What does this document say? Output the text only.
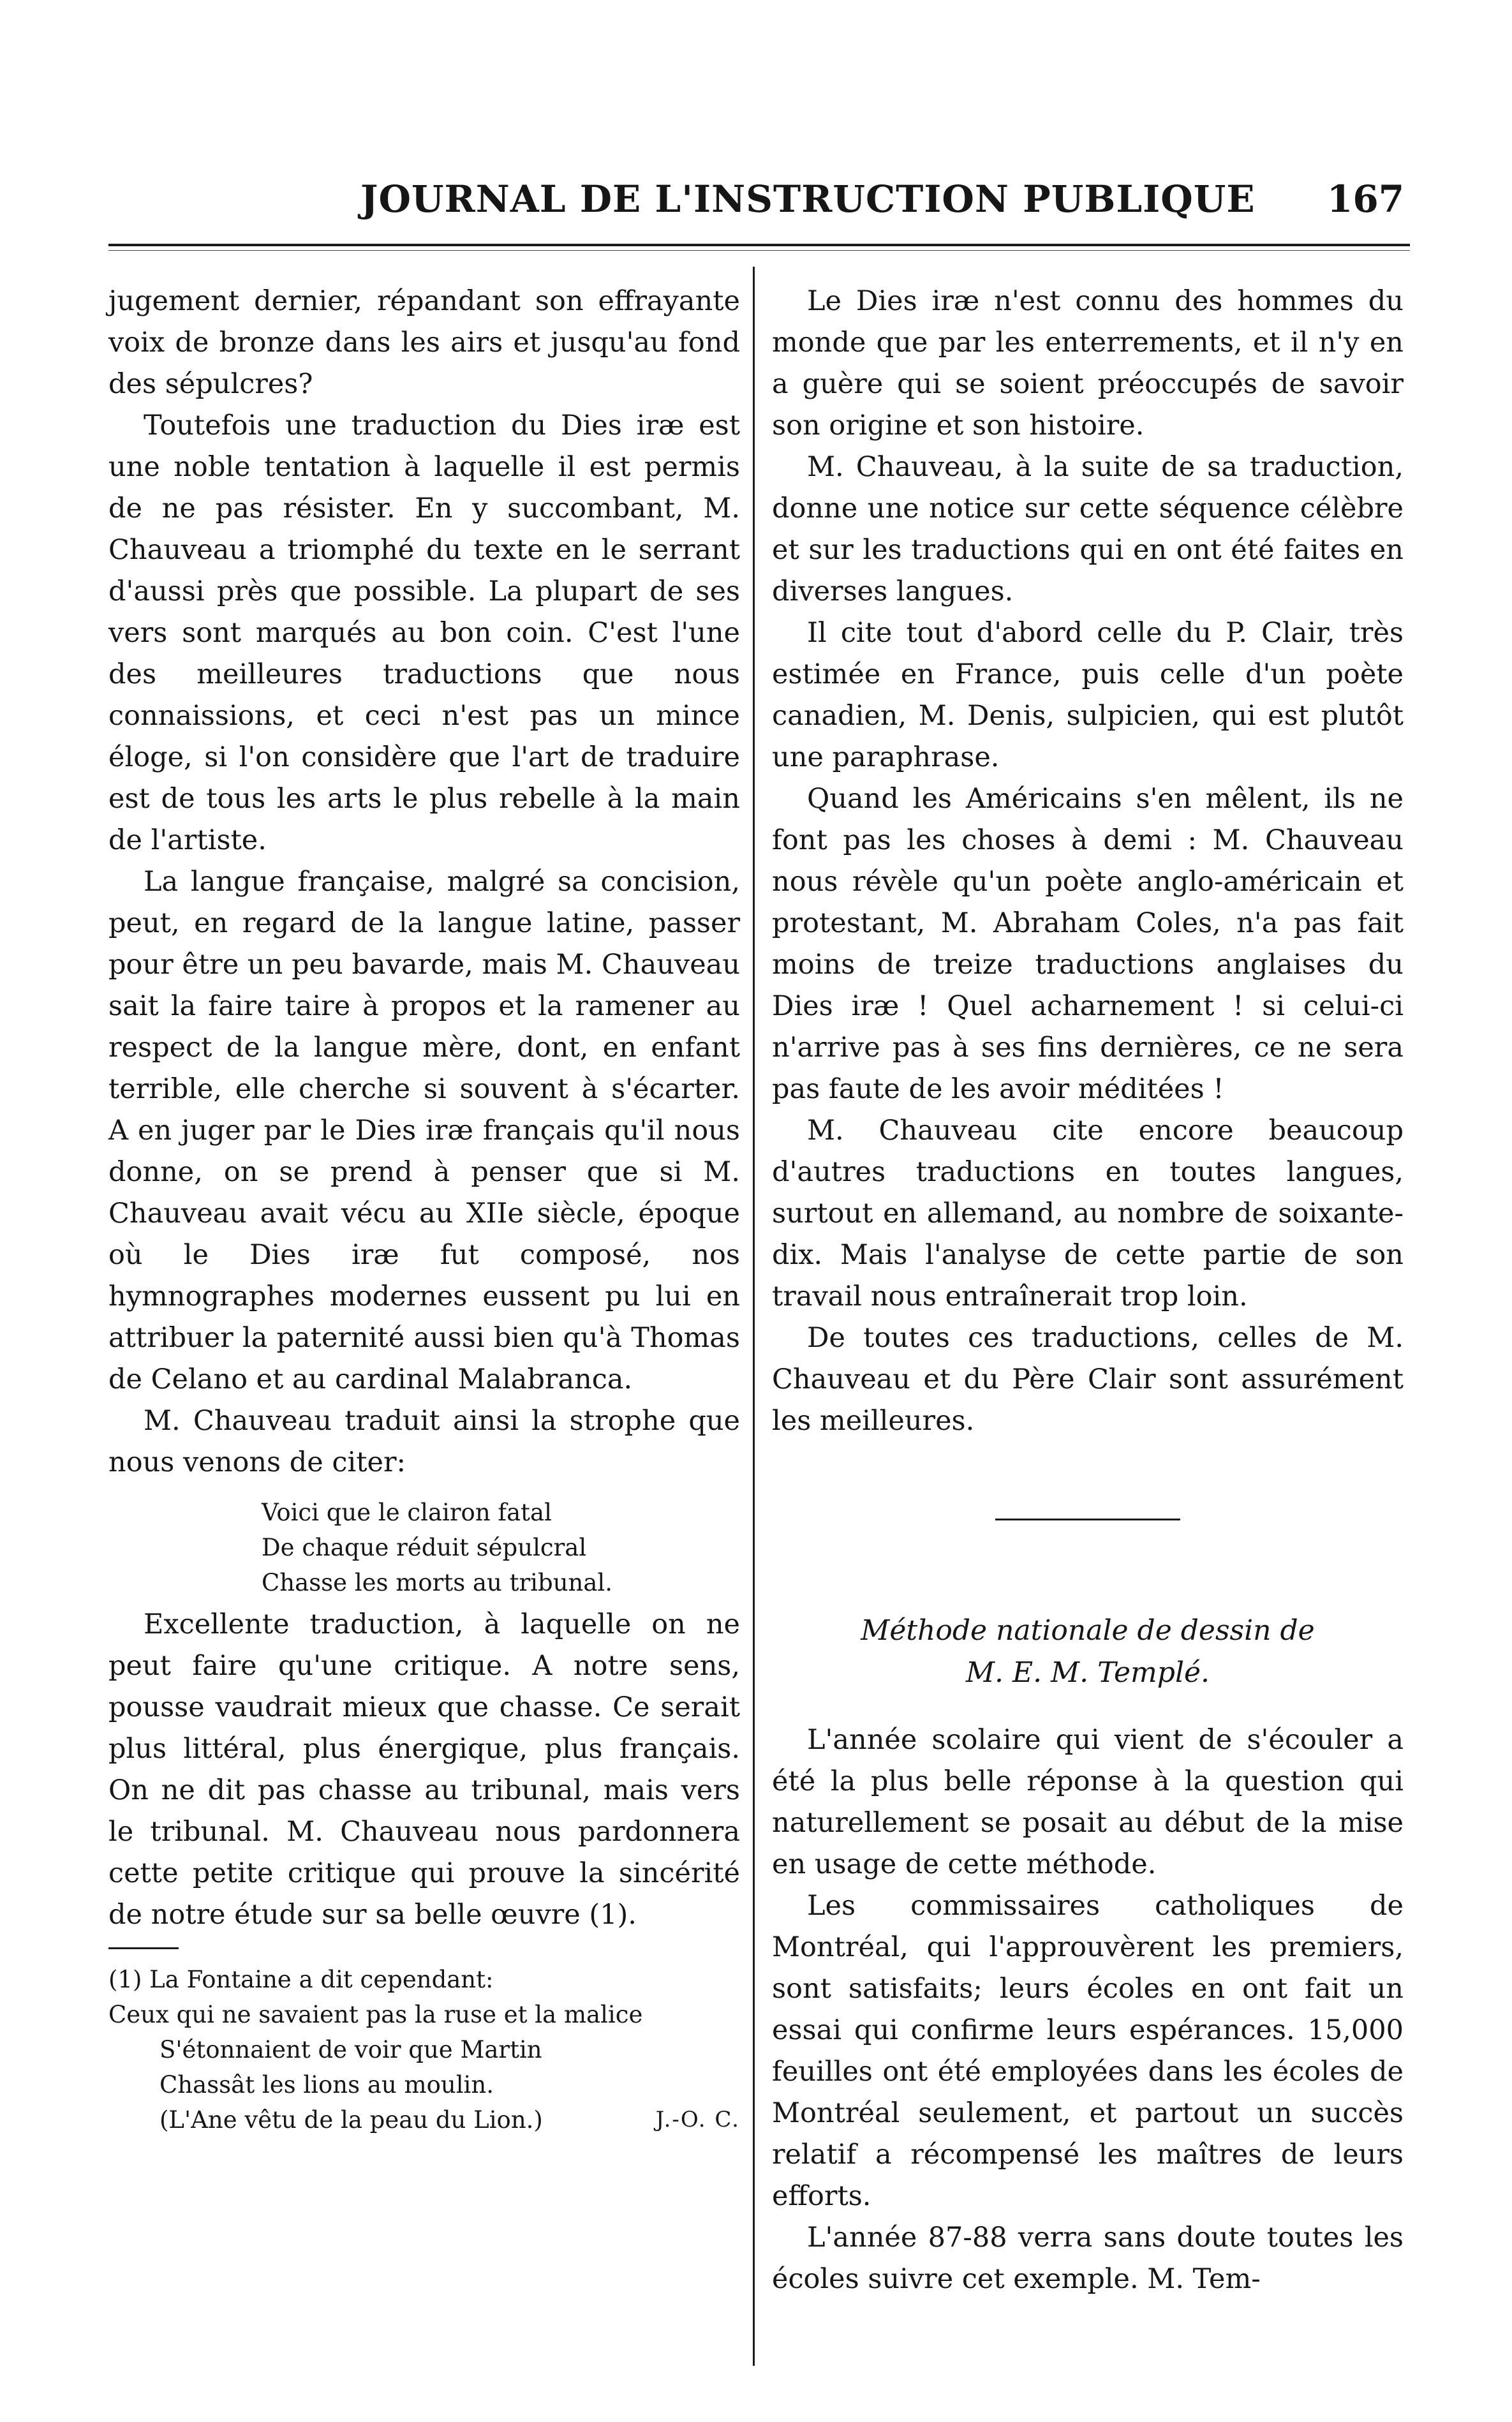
JOURNAL DE L'INSTRUCTION PUBLIQUE 167

jugement dernier, répandant son effrayante voix de bronze dans les airs et jusqu'au fond des sépulcres?

Toutefois une traduction du Dies iræ est une noble tentation à laquelle il est permis de ne pas résister. En y succombant, M. Chauveau a triomphé du texte en le serrant d'aussi près que possible. La plupart de ses vers sont marqués au bon coin. C'est l'une des meilleures traductions que nous connaissions, et ceci n'est pas un mince éloge, si l'on considère que l'art de traduire est de tous les arts le plus rebelle à la main de l'artiste.

La langue française, malgré sa concision, peut, en regard de la langue latine, passer pour être un peu bavarde, mais M. Chauveau sait la faire taire à propos et la ramener au respect de la langue mère, dont, en enfant terrible, elle cherche si souvent à s'écarter. A en juger par le Dies iræ français qu'il nous donne, on se prend à penser que si M. Chauveau avait vécu au XIIe siècle, époque où le Dies iræ fut composé, nos hymnographes modernes eussent pu lui en attribuer la paternité aussi bien qu'à Thomas de Celano et au cardinal Malabranca.

M. Chauveau traduit ainsi la strophe que nous venons de citer:

Voici que le clairon fatal
De chaque réduit sépulcral
Chasse les morts au tribunal.

Excellente traduction, à laquelle on ne peut faire qu'une critique. A notre sens, pousse vaudrait mieux que chasse. Ce serait plus littéral, plus énergique, plus français. On ne dit pas chasse au tribunal, mais vers le tribunal. M. Chauveau nous pardonnera cette petite critique qui prouve la sincérité de notre étude sur sa belle œuvre (1).

(1) La Fontaine a dit cependant:
Ceux qui ne savaient pas la ruse et la malice
S'étonnaient de voir que Martin
Chassât les lions au moulin.
(L'Ane vêtu de la peau du Lion.)	J.-O. C.

Le Dies iræ n'est connu des hommes du monde que par les enterrements, et il n'y en a guère qui se soient préoccupés de savoir son origine et son histoire.

M. Chauveau, à la suite de sa traduction, donne une notice sur cette séquence célèbre et sur les traductions qui en ont été faites en diverses langues.

Il cite tout d'abord celle du P. Clair, très estimée en France, puis celle d'un poète canadien, M. Denis, sulpicien, qui est plutôt une paraphrase.

Quand les Américains s'en mêlent, ils ne font pas les choses à demi : M. Chauveau nous révèle qu'un poète anglo-américain et protestant, M. Abraham Coles, n'a pas fait moins de treize traductions anglaises du Dies iræ ! Quel acharnement ! si celui-ci n'arrive pas à ses fins dernières, ce ne sera pas faute de les avoir méditées !

M. Chauveau cite encore beaucoup d'autres traductions en toutes langues, surtout en allemand, au nombre de soixante-dix. Mais l'analyse de cette partie de son travail nous entraînerait trop loin.

De toutes ces traductions, celles de M. Chauveau et du Père Clair sont assurément les meilleures.

Méthode nationale de dessin de
M. E. M. Templé.

L'année scolaire qui vient de s'écouler a été la plus belle réponse à la question qui naturellement se posait au début de la mise en usage de cette méthode.

Les commissaires catholiques de Montréal, qui l'approuvèrent les premiers, sont satisfaits; leurs écoles en ont fait un essai qui confirme leurs espérances. 15,000 feuilles ont été employées dans les écoles de Montréal seulement, et partout un succès relatif a récompensé les maîtres de leurs efforts.

L'année 87-88 verra sans doute toutes les écoles suivre cet exemple. M. Tem-
